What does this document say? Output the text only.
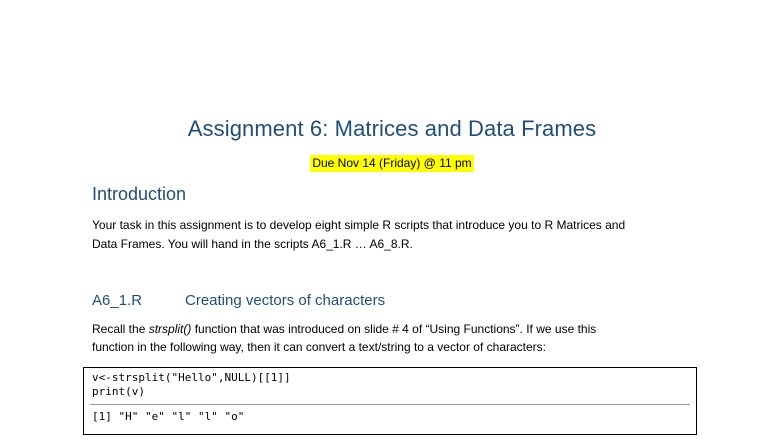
Assignment 6: Matrices and Data Frames
Due Nov 14 (Friday) @ 11 pm
Introduction

Your task in this assignment is to develop eight simple R scripts that introduce you to R Matrices and

Data Frames. You will hand in the scripts A6_1.R … A6_8.R.

A6_1.R	Creating vectors of characters

Recall the strsplit() function that was introduced on slide # 4 of “Using Functions”. If we use this

function in the following way, then it can convert a text/string to a vector of characters:

v<-strsplit("Hello",NULL)[[1]]
print(v)
[1] "H" "e" "l" "l" "o"
